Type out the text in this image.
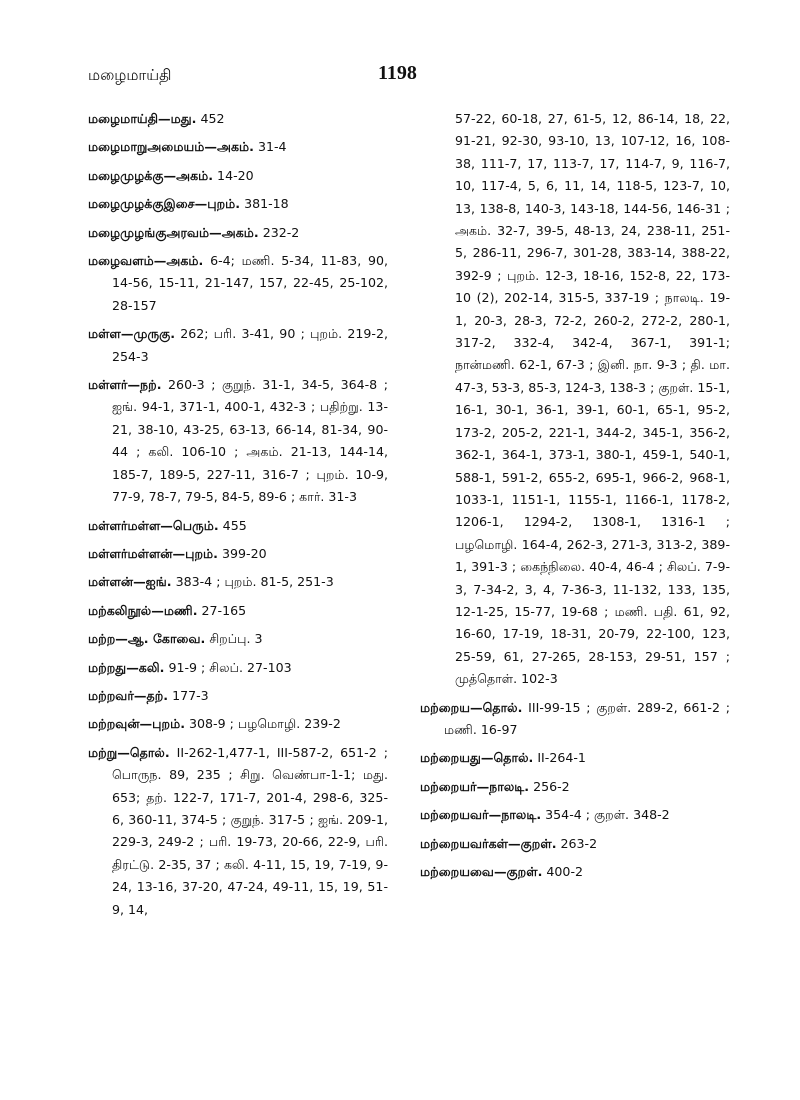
மழைமாய்தி	1198
மழைமாய்தி—மது. 452
மழைமாறுஅமையம்—அகம். 31-4
மழைமுழக்கு—அகம். 14-20
மழைமுழக்குஇசை—புறம். 381-18
மழைமுழங்குஅரவம்—அகம். 232-2
மழைவளம்—அகம். 6-4; மணி. 5-34, 11-83, 90, 14-56, 15-11, 21-147, 157, 22-45, 25-102, 28-157
மள்ள—முருகு. 262; பரி. 3-41, 90 ; புறம். 219-2, 254-3
மள்ளர்—நற். 260-3 ; குறுந். 31-1, 34-5, 364-8 ; ஐங். 94-1, 371-1, 400-1, 432-3 ; பதிற்று. 13-21, 38-10, 43-25, 63-13, 66-14, 81-34, 90-44 ; கலி. 106-10 ; அகம். 21-13, 144-14, 185-7, 189-5, 227-11, 316-7 ; புறம். 10-9, 77-9, 78-7, 79-5, 84-5, 89-6 ; கார். 31-3
மள்ளர்மள்ள—பெரும். 455
மள்ளர்மள்ளன்—புறம். 399-20
மள்ளன்—ஐங். 383-4 ; புறம். 81-5, 251-3
மற்கலிநூல்—மணி. 27-165
மற்ற—ஆ. கோவை. சிறப்பு. 3
மற்றது—கலி. 91-9 ; சிலப். 27-103
மற்றவர்—தற். 177-3
மற்றவுன்—புறம். 308-9 ; பழமொழி. 239-2
மற்று—தொல். II-262-1,477-1, III-587-2, 651-2 ; பொருந. 89, 235 ; சிறு. வெண்பா-1-1; மது. 653; தற். 122-7, 171-7, 201-4, 298-6, 325-6, 360-11, 374-5 ; குறுந். 317-5 ; ஐங். 209-1, 229-3, 249-2 ; பரி. 19-73, 20-66, 22-9, பரி. திரட்டு. 2-35, 37 ; கலி. 4-11, 15, 19, 7-19, 9-24, 13-16, 37-20, 47-24, 49-11, 15, 19, 51-9, 14,
57-22, 60-18, 27, 61-5, 12, 86-14, 18, 22, 91-21, 92-30, 93-10, 13, 107-12, 16, 108-38, 111-7, 17, 113-7, 17, 114-7, 9, 116-7, 10, 117-4, 5, 6, 11, 14, 118-5, 123-7, 10, 13, 138-8, 140-3, 143-18, 144-56, 146-31 ; அகம். 32-7, 39-5, 48-13, 24, 238-11, 251-5, 286-11, 296-7, 301-28, 383-14, 388-22, 392-9 ; புறம். 12-3, 18-16, 152-8, 22, 173-10 (2), 202-14, 315-5, 337-19 ; நாலடி. 19-1, 20-3, 28-3, 72-2, 260-2, 272-2, 280-1, 317-2, 332-4, 342-4, 367-1, 391-1; நான்மணி. 62-1, 67-3 ; இனி. நா. 9-3 ; தி. மா. 47-3, 53-3, 85-3, 124-3, 138-3 ; குறள். 15-1, 16-1, 30-1, 36-1, 39-1, 60-1, 65-1, 95-2, 173-2, 205-2, 221-1, 344-2, 345-1, 356-2, 362-1, 364-1, 373-1, 380-1, 459-1, 540-1, 588-1, 591-2, 655-2, 695-1, 966-2, 968-1, 1033-1, 1151-1, 1155-1, 1166-1, 1178-2, 1206-1, 1294-2, 1308-1, 1316-1 ; பழமொழி. 164-4, 262-3, 271-3, 313-2, 389-1, 391-3 ; கைந்நிலை. 40-4, 46-4 ; சிலப். 7-9-3, 7-34-2, 3, 4, 7-36-3, 11-132, 133, 135, 12-1-25, 15-77, 19-68 ; மணி. பதி. 61, 92, 16-60, 17-19, 18-31, 20-79, 22-100, 123, 25-59, 61, 27-265, 28-153, 29-51, 157 ; முத்தொள். 102-3
மற்றைய—தொல். III-99-15 ; குறள். 289-2, 661-2 ; மணி. 16-97
மற்றையது—தொல். II-264-1
மற்றையர்—நாலடி. 256-2
மற்றையவர்—நாலடி. 354-4 ; குறள். 348-2
மற்றையவர்கள்—குறள். 263-2
மற்றையவை—குறள். 400-2
